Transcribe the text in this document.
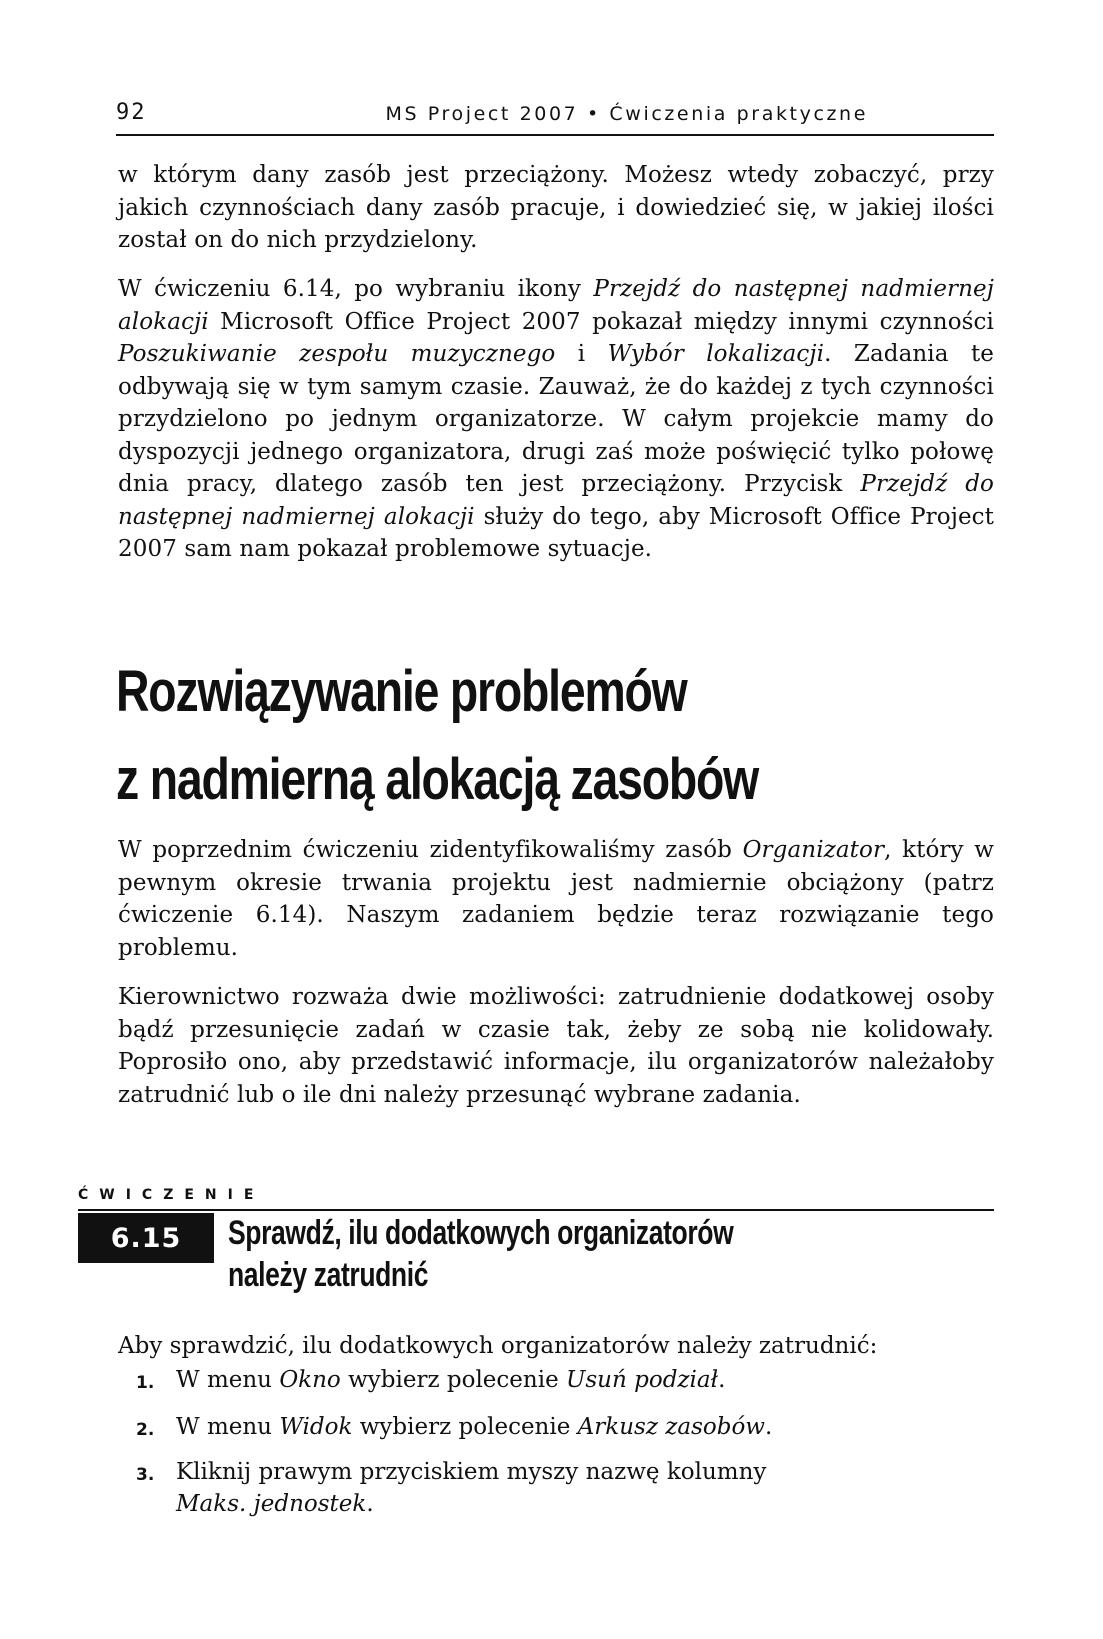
92	MS Project 2007 • Ćwiczenia praktyczne

w którym dany zasób jest przeciążony. Możesz wtedy zobaczyć, przy jakich czynnościach dany zasób pracuje, i dowiedzieć się, w jakiej ilości został on do nich przydzielony.

W ćwiczeniu 6.14, po wybraniu ikony Przejdź do następnej nadmiernej alokacji Microsoft Office Project 2007 pokazał między innymi czynności Poszukiwanie zespołu muzycznego i Wybór lokalizacji. Zadania te odbywają się w tym samym czasie. Zauważ, że do każdej z tych czynności przydzielono po jednym organizatorze. W całym projekcie mamy do dyspozycji jednego organizatora, drugi zaś może poświęcić tylko połowę dnia pracy, dlatego zasób ten jest przeciążony. Przycisk Przejdź do następnej nadmiernej alokacji służy do tego, aby Microsoft Office Project 2007 sam nam pokazał problemowe sytuacje.

Rozwiązywanie problemów
z nadmierną alokacją zasobów

W poprzednim ćwiczeniu zidentyfikowaliśmy zasób Organizator, który w pewnym okresie trwania projektu jest nadmiernie obciążony (patrz ćwiczenie 6.14). Naszym zadaniem będzie teraz rozwiązanie tego problemu.

Kierownictwo rozważa dwie możliwości: zatrudnienie dodatkowej osoby bądź przesunięcie zadań w czasie tak, żeby ze sobą nie kolidowały. Poprosiło ono, aby przedstawić informacje, ilu organizatorów należałoby zatrudnić lub o ile dni należy przesunąć wybrane zadania.

ĆWICZENIE
6.15	Sprawdź, ilu dodatkowych organizatorów
należy zatrudnić

Aby sprawdzić, ilu dodatkowych organizatorów należy zatrudnić:

1. W menu Okno wybierz polecenie Usuń podział.
2. W menu Widok wybierz polecenie Arkusz zasobów.
3. Kliknij prawym przyciskiem myszy nazwę kolumny
Maks. jednostek.
